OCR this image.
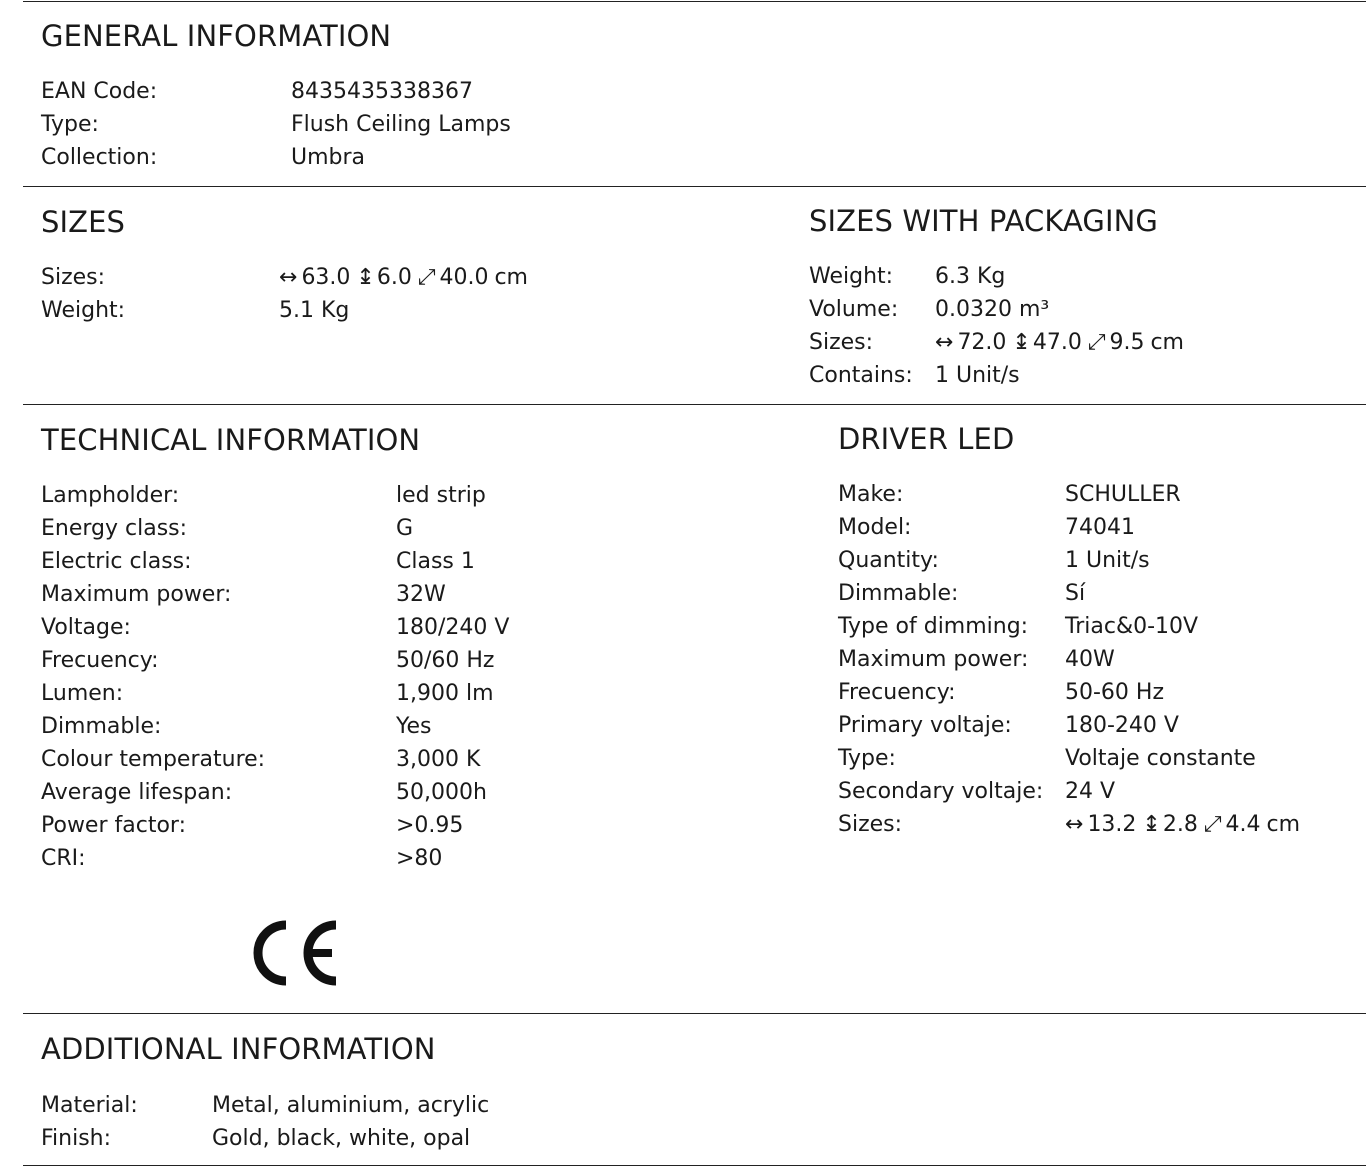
GENERAL INFORMATION
EAN Code:	8435435338367
Type:	Flush Ceiling Lamps
Collection:	Umbra
SIZES
Sizes:	↔ 63.0 ↨6.0 ⤢ 40.0 cm
Weight:	5.1 Kg
SIZES WITH PACKAGING
Weight: 6.3 Kg
Volume: 0.0320 m³
Sizes:	↔ 72.0 ↨47.0 ⤢ 9.5 cm
Contains: 1 Unit/s
TECHNICAL INFORMATION
Lampholder:	led strip
Energy class:	G
Electric class:	Class 1
Maximum power:	32W
Voltage:	180/240 V
Frecuency:	50/60 Hz
Lumen:	1,900 lm
Dimmable:	Yes
Colour temperature:	3,000 K
Average lifespan:	50,000h
Power factor:	>0.95
CRI:	>80
DRIVER LED
Make:	SCHULLER
Model:	74041
Quantity:	1 Unit/s
Dimmable:	Sí
Type of dimming: Triac&0-10V
Maximum power: 40W
Frecuency:	50-60 Hz
Primary voltaje: 180-240 V
Type:	Voltaje constante
Secondary voltaje: 24 V
Sizes:	↔ 13.2 ↨2.8 ⤢ 4.4 cm
ADDITIONAL INFORMATION
Material:	Metal, aluminium, acrylic
Finish:	Gold, black, white, opal
